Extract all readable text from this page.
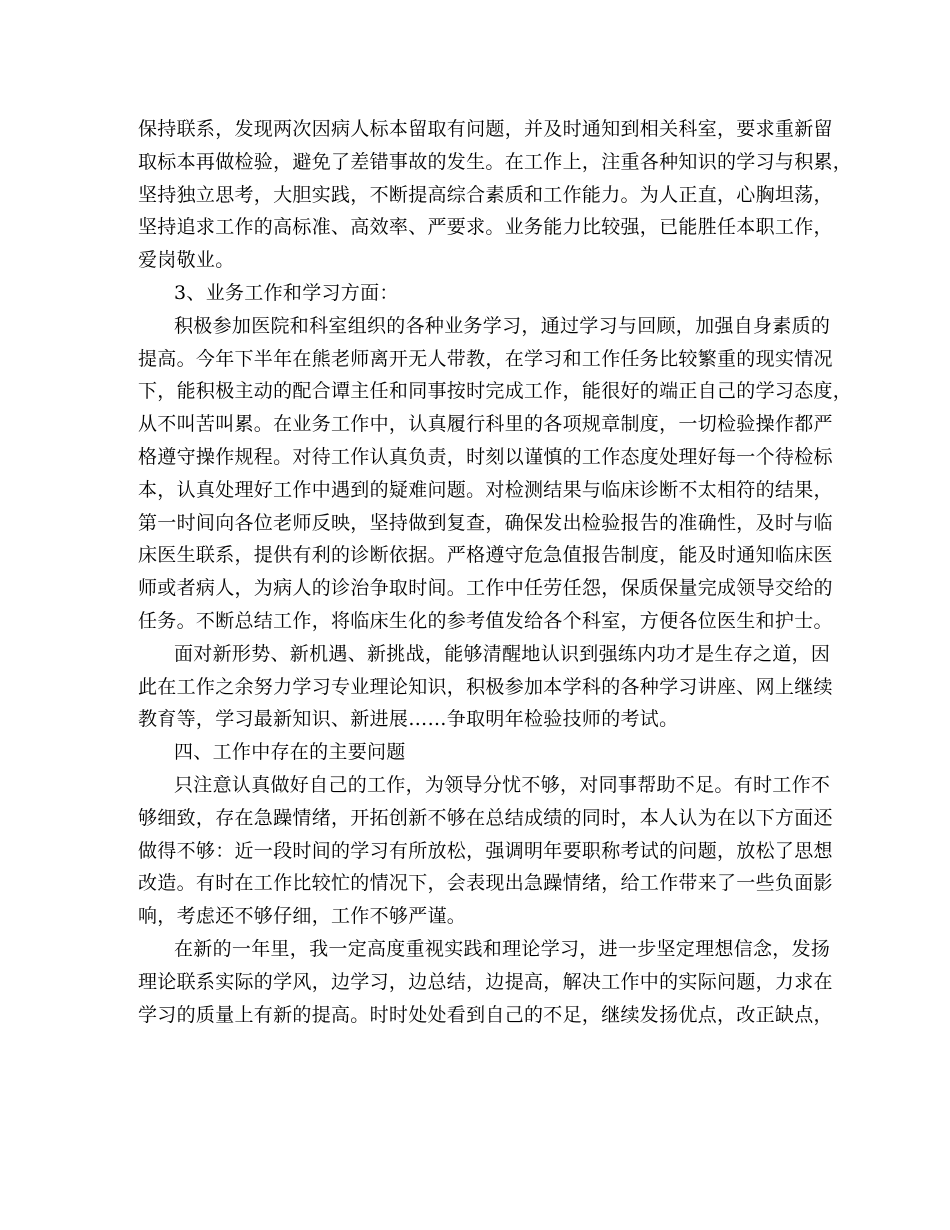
保持联系，发现两次因病人标本留取有问题，并及时通知到相关科室，要求重新留
取标本再做检验，避免了差错事故的发生。在工作上，注重各种知识的学习与积累，
坚持独立思考，大胆实践，不断提高综合素质和工作能力。为人正直，心胸坦荡，
坚持追求工作的高标准、高效率、严要求。业务能力比较强，已能胜任本职工作，
爱岗敬业。
3、业务工作和学习方面：
积极参加医院和科室组织的各种业务学习，通过学习与回顾，加强自身素质的
提高。今年下半年在熊老师离开无人带教，在学习和工作任务比较繁重的现实情况
下，能积极主动的配合谭主任和同事按时完成工作，能很好的端正自己的学习态度，
从不叫苦叫累。在业务工作中，认真履行科里的各项规章制度，一切检验操作都严
格遵守操作规程。对待工作认真负责，时刻以谨慎的工作态度处理好每一个待检标
本，认真处理好工作中遇到的疑难问题。对检测结果与临床诊断不太相符的结果，
第一时间向各位老师反映，坚持做到复查，确保发出检验报告的准确性，及时与临
床医生联系，提供有利的诊断依据。严格遵守危急值报告制度，能及时通知临床医
师或者病人，为病人的诊治争取时间。工作中任劳任怨，保质保量完成领导交给的
任务。不断总结工作，将临床生化的参考值发给各个科室，方便各位医生和护士。
面对新形势、新机遇、新挑战，能够清醒地认识到强练内功才是生存之道，因
此在工作之余努力学习专业理论知识，积极参加本学科的各种学习讲座、网上继续
教育等，学习最新知识、新进展……争取明年检验技师的考试。
四、工作中存在的主要问题
只注意认真做好自己的工作，为领导分忧不够，对同事帮助不足。有时工作不
够细致，存在急躁情绪，开拓创新不够在总结成绩的同时，本人认为在以下方面还
做得不够：近一段时间的学习有所放松，强调明年要职称考试的问题，放松了思想
改造。有时在工作比较忙的情况下，会表现出急躁情绪，给工作带来了一些负面影
响，考虑还不够仔细，工作不够严谨。
在新的一年里，我一定高度重视实践和理论学习，进一步坚定理想信念，发扬
理论联系实际的学风，边学习，边总结，边提高，解决工作中的实际问题，力求在
学习的质量上有新的提高。时时处处看到自己的不足，继续发扬优点，改正缺点，
